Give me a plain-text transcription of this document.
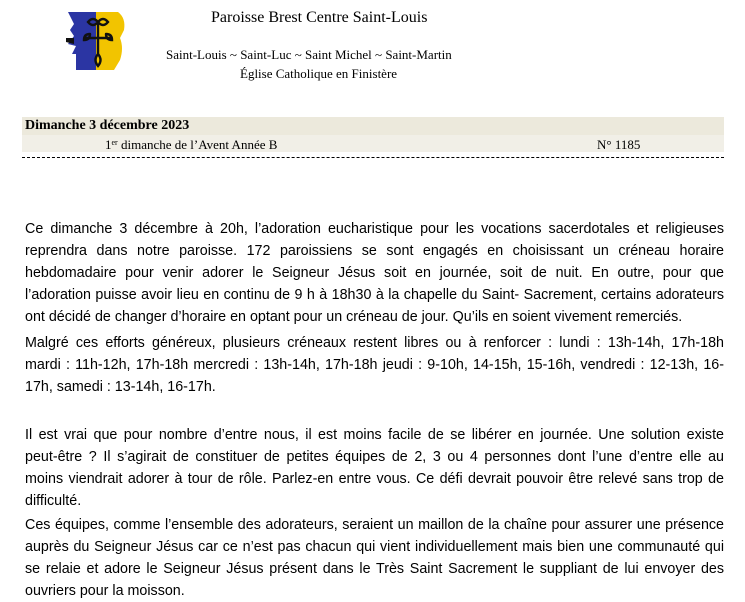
Paroisse Brest Centre Saint-Louis
Saint-Louis ~ Saint-Luc ~ Saint Michel ~ Saint-Martin
Église Catholique en Finistère
Dimanche 3 décembre 2023
1er dimanche de l’Avent Année B	N° 1185
Ce dimanche 3 décembre à 20h, l’adoration eucharistique pour les vocations sacerdotales et religieuses
reprendra dans notre paroisse. 172 paroissiens se sont engagés en choisissant un créneau horaire
hebdomadaire pour venir adorer le Seigneur Jésus soit en journée, soit de nuit. En outre, pour que
l’adoration puisse avoir lieu en continu de 9 h à 18h30 à la chapelle du Saint- Sacrement, certains adorateurs
ont décidé de changer d’horaire en optant pour un créneau de jour. Qu’ils en soient vivement remerciés.
Malgré ces efforts généreux, plusieurs créneaux restent libres ou à renforcer : lundi : 13h-14h, 17h-18h
mardi : 11h-12h, 17h-18h mercredi : 13h-14h, 17h-18h jeudi : 9-10h, 14-15h, 15-16h, vendredi : 12-13h, 16-
17h, samedi : 13-14h, 16-17h.
Il est vrai que pour nombre d’entre nous, il est moins facile de se libérer en journée. Une solution existe
peut-être ? Il s’agirait de constituer de petites équipes de 2, 3 ou 4 personnes dont l’une d’entre elle au
moins viendrait adorer à tour de rôle. Parlez-en entre vous. Ce défi devrait pouvoir être relevé sans trop de
difficulté.
Ces équipes, comme l’ensemble des adorateurs, seraient un maillon de la chaîne pour assurer une présence
auprès du Seigneur Jésus car ce n’est pas chacun qui vient individuellement mais bien une communauté qui
se relaie et adore le Seigneur Jésus présent dans le Très Saint Sacrement le suppliant de lui envoyer des
ouvriers pour la moisson.
